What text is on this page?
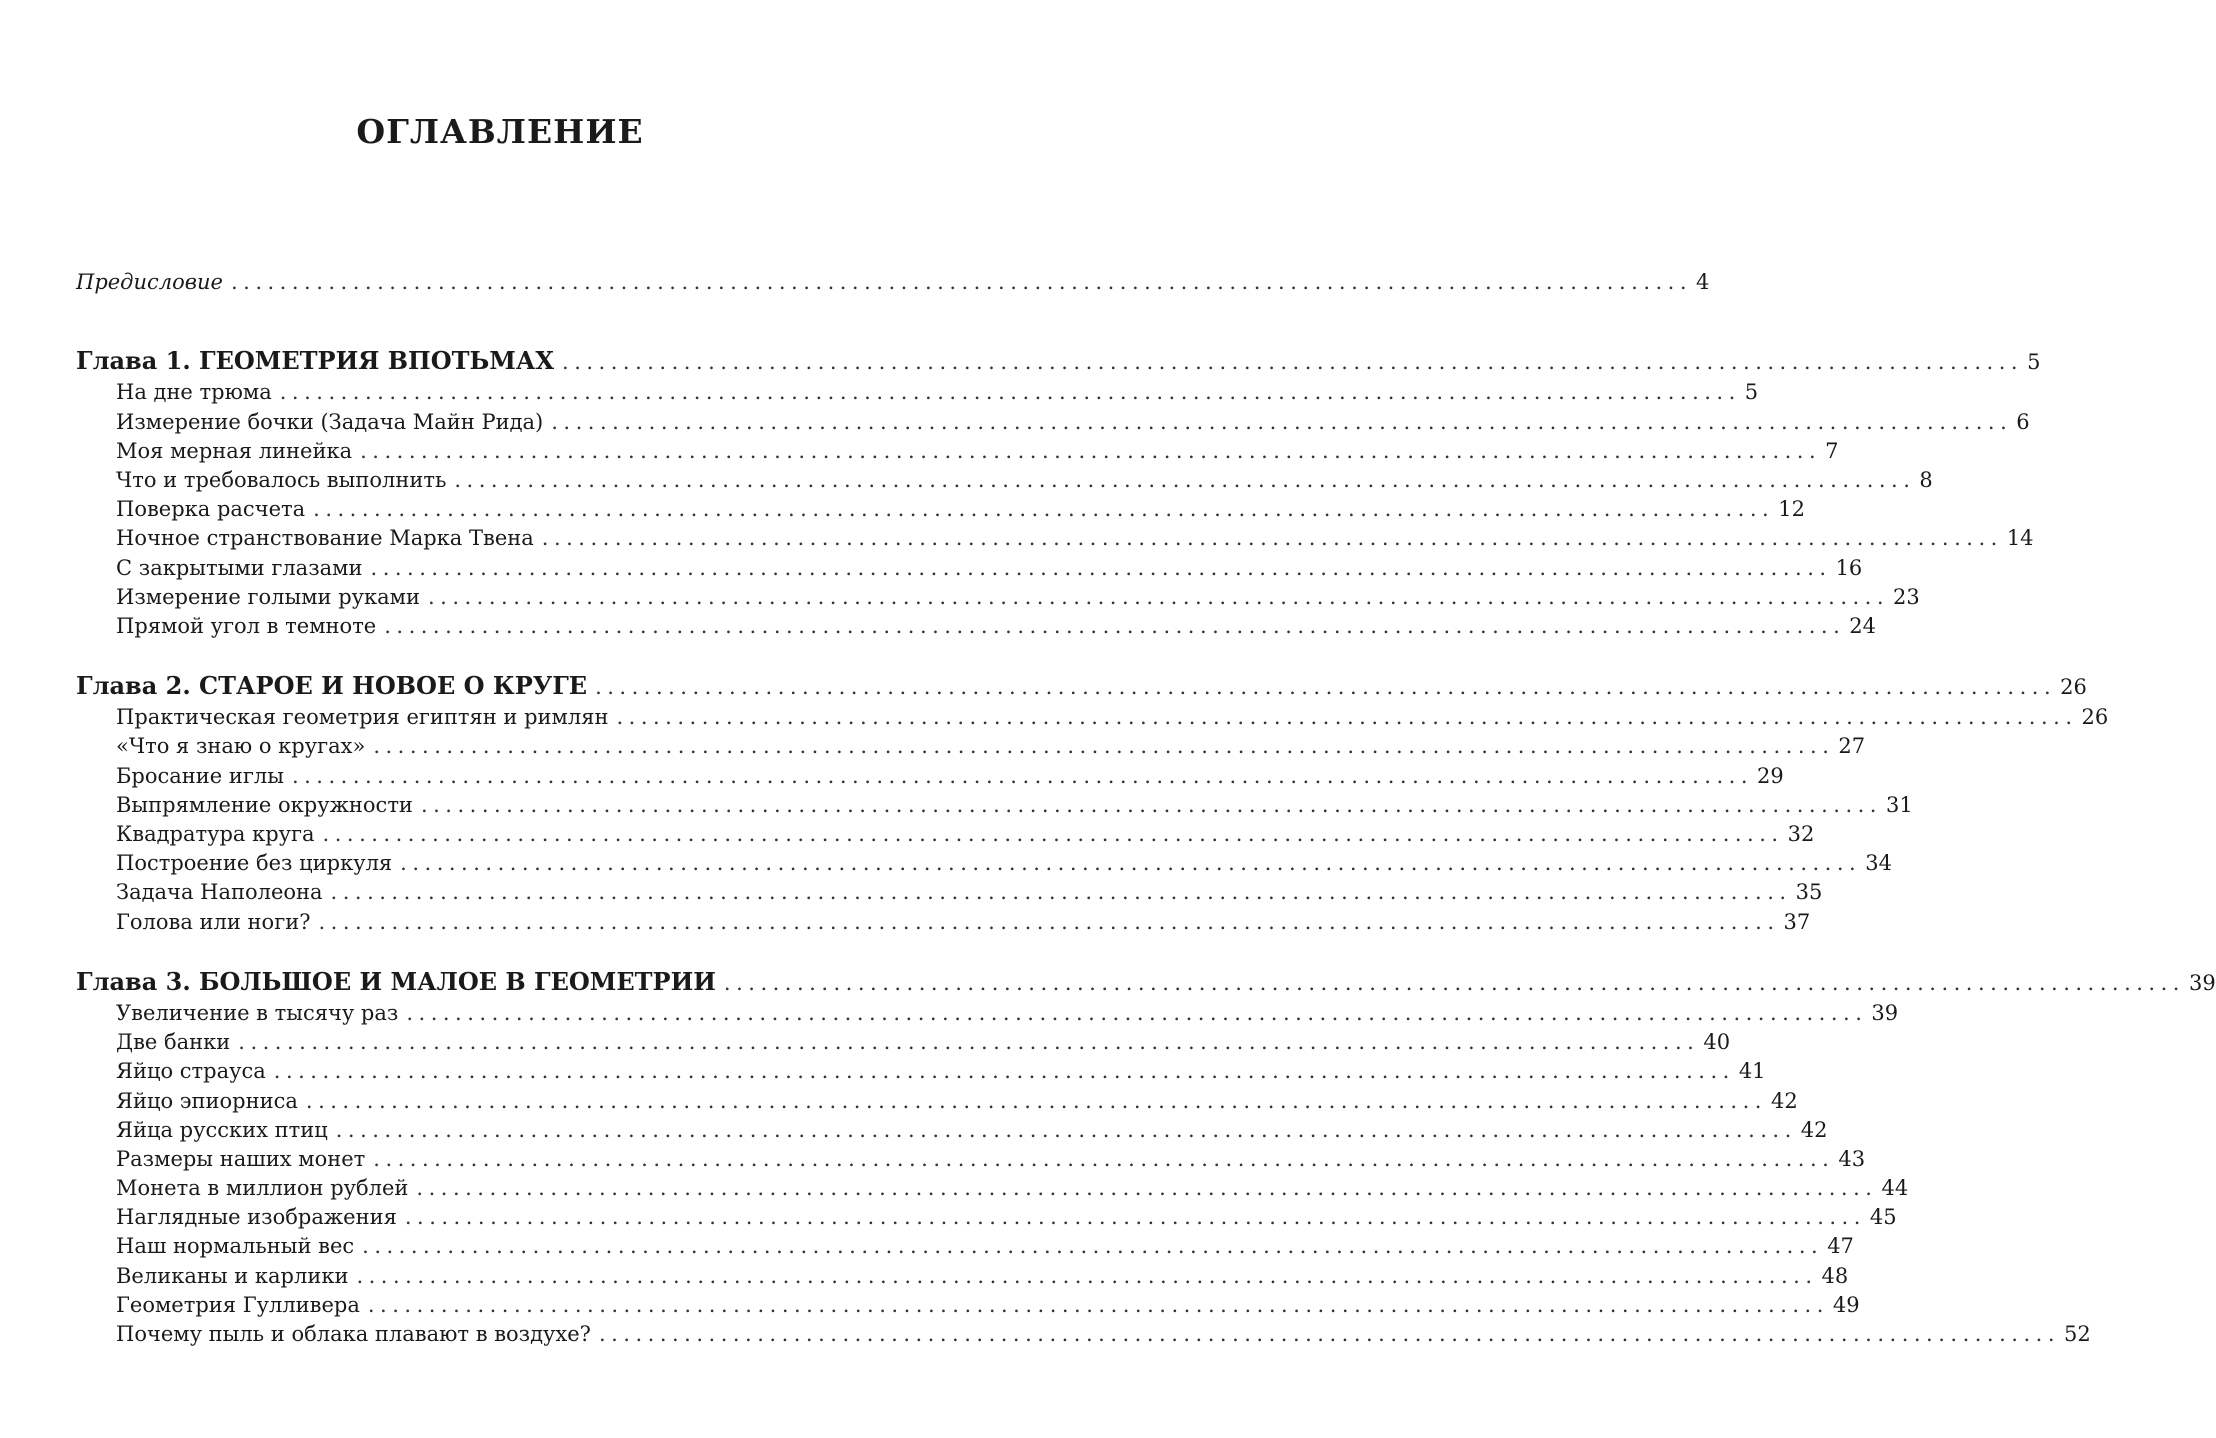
ОГЛАВЛЕНИЕ
Предисловие ........................................................................................................................ 4
Глава 1. ГЕОМЕТРИЯ ВПОТЬМАХ ........................................................................................................................ 5
На дне трюма ........................................................................................................................ 5
Измерение бочки (Задача Майн Рида) ........................................................................................................................ 6
Моя мерная линейка ........................................................................................................................ 7
Что и требовалось выполнить ........................................................................................................................ 8
Поверка расчета ........................................................................................................................ 12
Ночное странствование Марка Твена ........................................................................................................................ 14
С закрытыми глазами ........................................................................................................................ 16
Измерение голыми руками ........................................................................................................................ 23
Прямой угол в темноте ........................................................................................................................ 24
Глава 2. СТАРОЕ И НОВОЕ О КРУГЕ ........................................................................................................................ 26
Практическая геометрия египтян и римлян ........................................................................................................................ 26
«Что я знаю о кругах» ........................................................................................................................ 27
Бросание иглы ........................................................................................................................ 29
Выпрямление окружности ........................................................................................................................ 31
Квадратура круга ........................................................................................................................ 32
Построение без циркуля ........................................................................................................................ 34
Задача Наполеона ........................................................................................................................ 35
Голова или ноги? ........................................................................................................................ 37
Глава 3. БОЛЬШОЕ И МАЛОЕ В ГЕОМЕТРИИ ........................................................................................................................ 39
Увеличение в тысячу раз ........................................................................................................................ 39
Две банки ........................................................................................................................ 40
Яйцо страуса ........................................................................................................................ 41
Яйцо эпиорниса ........................................................................................................................ 42
Яйца русских птиц ........................................................................................................................ 42
Размеры наших монет ........................................................................................................................ 43
Монета в миллион рублей ........................................................................................................................ 44
Наглядные изображения ........................................................................................................................ 45
Наш нормальный вес ........................................................................................................................ 47
Великаны и карлики ........................................................................................................................ 48
Геометрия Гулливера ........................................................................................................................ 49
Почему пыль и облака плавают в воздухе? ........................................................................................................................ 52
